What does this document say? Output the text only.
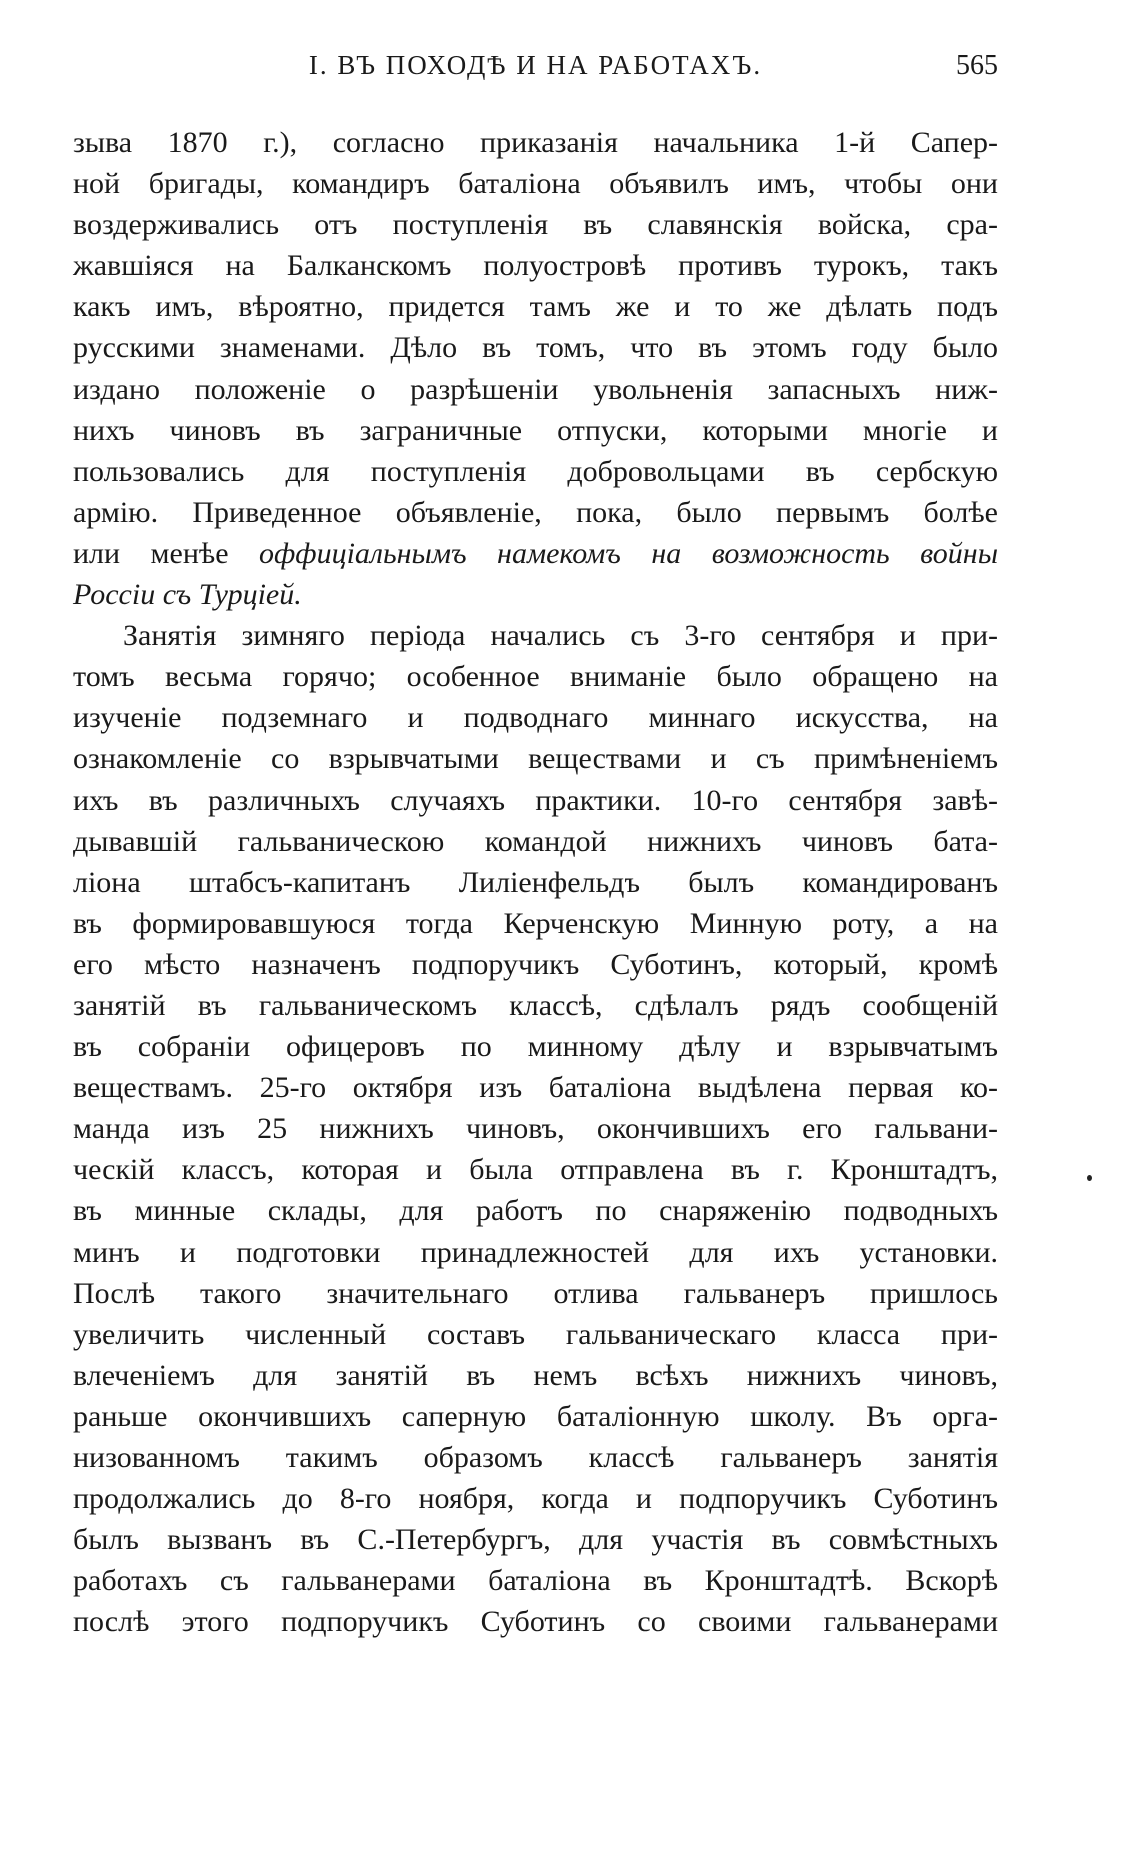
I. ВЪ ПОХОДѢ И НА РАБОТАХЪ.	565
зыва 1870 г.), согласно приказанія начальника 1-й Сапер-
ной бригады, командиръ баталіона объявилъ имъ, чтобы они
воздерживались отъ поступленія въ славянскія войска, сра-
жавшіяся на Балканскомъ полуостровѣ противъ турокъ, такъ
какъ имъ, вѣроятно, придется тамъ же и то же дѣлать подъ
русскими знаменами. Дѣло въ томъ, что въ этомъ году было
издано положеніе о разрѣшеніи увольненія запасныхъ ниж-
нихъ чиновъ въ заграничные отпуски, которыми многіе и
пользовались для поступленія добровольцами въ сербскую
армію. Приведенное объявленіе, пока, было первымъ болѣе
или менѣе оффиціальнымъ намекомъ на возможность войны
Россіи съ Турціей.
Занятія зимняго періода начались съ 3-го сентября и при-
томъ весьма горячо; особенное вниманіе было обращено на
изученіе подземнаго и подводнаго миннаго искусства, на
ознакомленіе со взрывчатыми веществами и съ примѣненіемъ
ихъ въ различныхъ случаяхъ практики. 10-го сентября завѣ-
дывавшій гальваническою командой нижнихъ чиновъ бата-
ліона штабсъ-капитанъ Лиліенфельдъ былъ командированъ
въ формировавшуюся тогда Керченскую Минную роту, а на
его мѣсто назначенъ подпоручикъ Суботинъ, который, кромѣ
занятій въ гальваническомъ классѣ, сдѣлалъ рядъ сообщеній
въ собраніи офицеровъ по минному дѣлу и взрывчатымъ
веществамъ. 25-го октября изъ баталіона выдѣлена первая ко-
манда изъ 25 нижнихъ чиновъ, окончившихъ его гальвани-
ческій классъ, которая и была отправлена въ г. Кронштадтъ,
въ минные склады, для работъ по снаряженію подводныхъ
минъ и подготовки принадлежностей для ихъ установки.
Послѣ такого значительнаго отлива гальванеръ пришлось
увеличить численный составъ гальваническаго класса при-
влеченіемъ для занятій въ немъ всѣхъ нижнихъ чиновъ,
раньше окончившихъ саперную баталіонную школу. Въ орга-
низованномъ такимъ образомъ классѣ гальванеръ занятія
продолжались до 8-го ноября, когда и подпоручикъ Суботинъ
былъ вызванъ въ С.-Петербургъ, для участія въ совмѣстныхъ
работахъ съ гальванерами баталіона въ Кронштадтѣ. Вскорѣ
послѣ этого подпоручикъ Суботинъ со своими гальванерами
